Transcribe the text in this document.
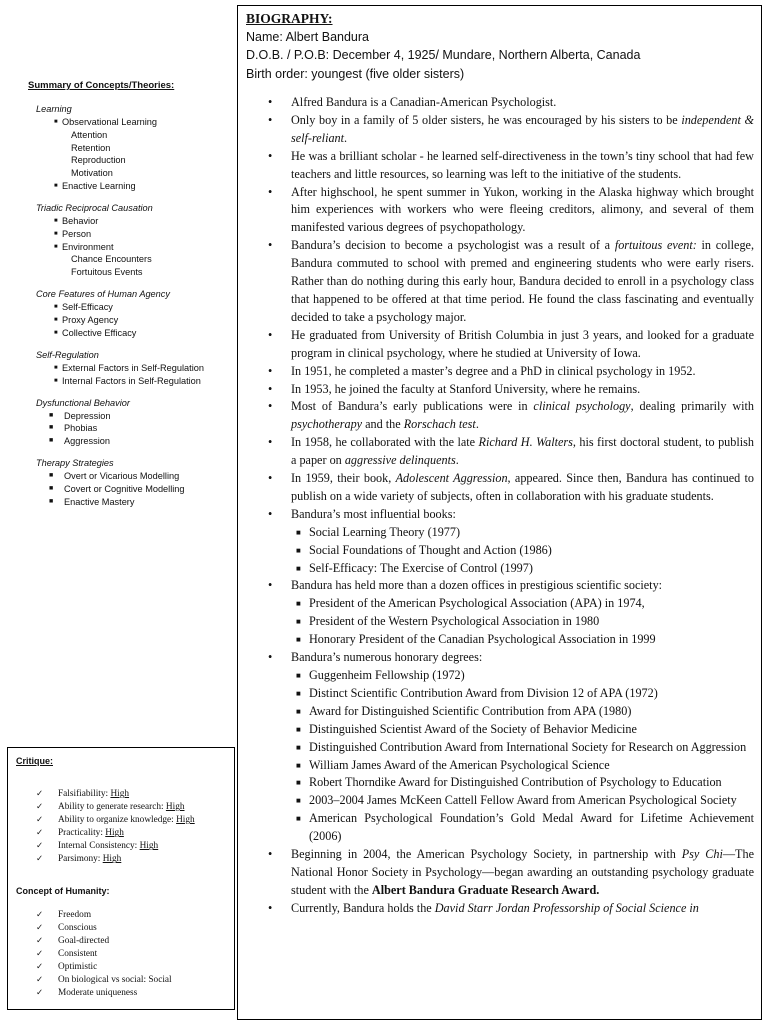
Summary of Concepts/Theories:
Learning
■ Observational Learning
Attention
Retention
Reproduction
Motivation
■ Enactive Learning
Triadic Reciprocal Causation
■ Behavior
■ Person
■ Environment
Chance Encounters
Fortuitous Events
Core Features of Human Agency
■ Self-Efficacy
■ Proxy Agency
■ Collective Efficacy
Self-Regulation
■ External Factors in Self-Regulation
■ Internal Factors in Self-Regulation
Dysfunctional Behavior
■ Depression
■ Phobias
■ Aggression
Therapy Strategies
■ Overt or Vicarious Modelling
■ Covert or Cognitive Modelling
■ Enactive Mastery
Critique:
✓ Falsifiability: High
✓ Ability to generate research: High
✓ Ability to organize knowledge: High
✓ Practicality: High
✓ Internal Consistency: High
✓ Parsimony: High
Concept of Humanity:
✓ Freedom
✓ Conscious
✓ Goal-directed
✓ Consistent
✓ Optimistic
✓ On biological vs social: Social
✓ Moderate uniqueness
BIOGRAPHY:
Name: Albert Bandura
D.O.B. / P.O.B: December 4, 1925/ Mundare, Northern Alberta, Canada
Birth order: youngest (five older sisters)
• Alfred Bandura is a Canadian-American Psychologist.
• Only boy in a family of 5 older sisters, he was encouraged by his sisters to be independent & self-reliant.
• He was a brilliant scholar - he learned self-directiveness in the town’s tiny school that had few teachers and little resources, so learning was left to the initiative of the students.
• After highschool, he spent summer in Yukon, working in the Alaska highway which brought him experiences with workers who were fleeing creditors, alimony, and several of them manifested various degrees of psychopathology.
• Bandura’s decision to become a psychologist was a result of a fortuitous event: in college, Bandura commuted to school with premed and engineering students who were early risers. Rather than do nothing during this early hour, Bandura decided to enroll in a psychology class that happened to be offered at that time period. He found the class fascinating and eventually decided to take a psychology major.
• He graduated from University of British Columbia in just 3 years, and looked for a graduate program in clinical psychology, where he studied at University of Iowa.
• In 1951, he completed a master’s degree and a PhD in clinical psychology in 1952.
• In 1953, he joined the faculty at Stanford University, where he remains.
• Most of Bandura’s early publications were in clinical psychology, dealing primarily with psychotherapy and the Rorschach test.
• In 1958, he collaborated with the late Richard H. Walters, his first doctoral student, to publish a paper on aggressive delinquents.
• In 1959, their book, Adolescent Aggression, appeared. Since then, Bandura has continued to publish on a wide variety of subjects, often in collaboration with his graduate students.
• Bandura’s most influential books:
■ Social Learning Theory (1977)
■ Social Foundations of Thought and Action (1986)
■ Self-Efficacy: The Exercise of Control (1997)
• Bandura has held more than a dozen offices in prestigious scientific society:
■ President of the American Psychological Association (APA) in 1974,
■ President of the Western Psychological Association in 1980
■ Honorary President of the Canadian Psychological Association in 1999
• Bandura’s numerous honorary degrees:
■ Guggenheim Fellowship (1972)
■ Distinct Scientific Contribution Award from Division 12 of APA (1972)
■ Award for Distinguished Scientific Contribution from APA (1980)
■ Distinguished Scientist Award of the Society of Behavior Medicine
■ Distinguished Contribution Award from International Society for Research on Aggression
■ William James Award of the American Psychological Science
■ Robert Thorndike Award for Distinguished Contribution of Psychology to Education
■ 2003–2004 James McKeen Cattell Fellow Award from American Psychological Society
■ American Psychological Foundation’s Gold Medal Award for Lifetime Achievement (2006)
• Beginning in 2004, the American Psychology Society, in partnership with Psy Chi—The National Honor Society in Psychology—began awarding an outstanding psychology graduate student with the Albert Bandura Graduate Research Award.
• Currently, Bandura holds the David Starr Jordan Professorship of Social Science in
